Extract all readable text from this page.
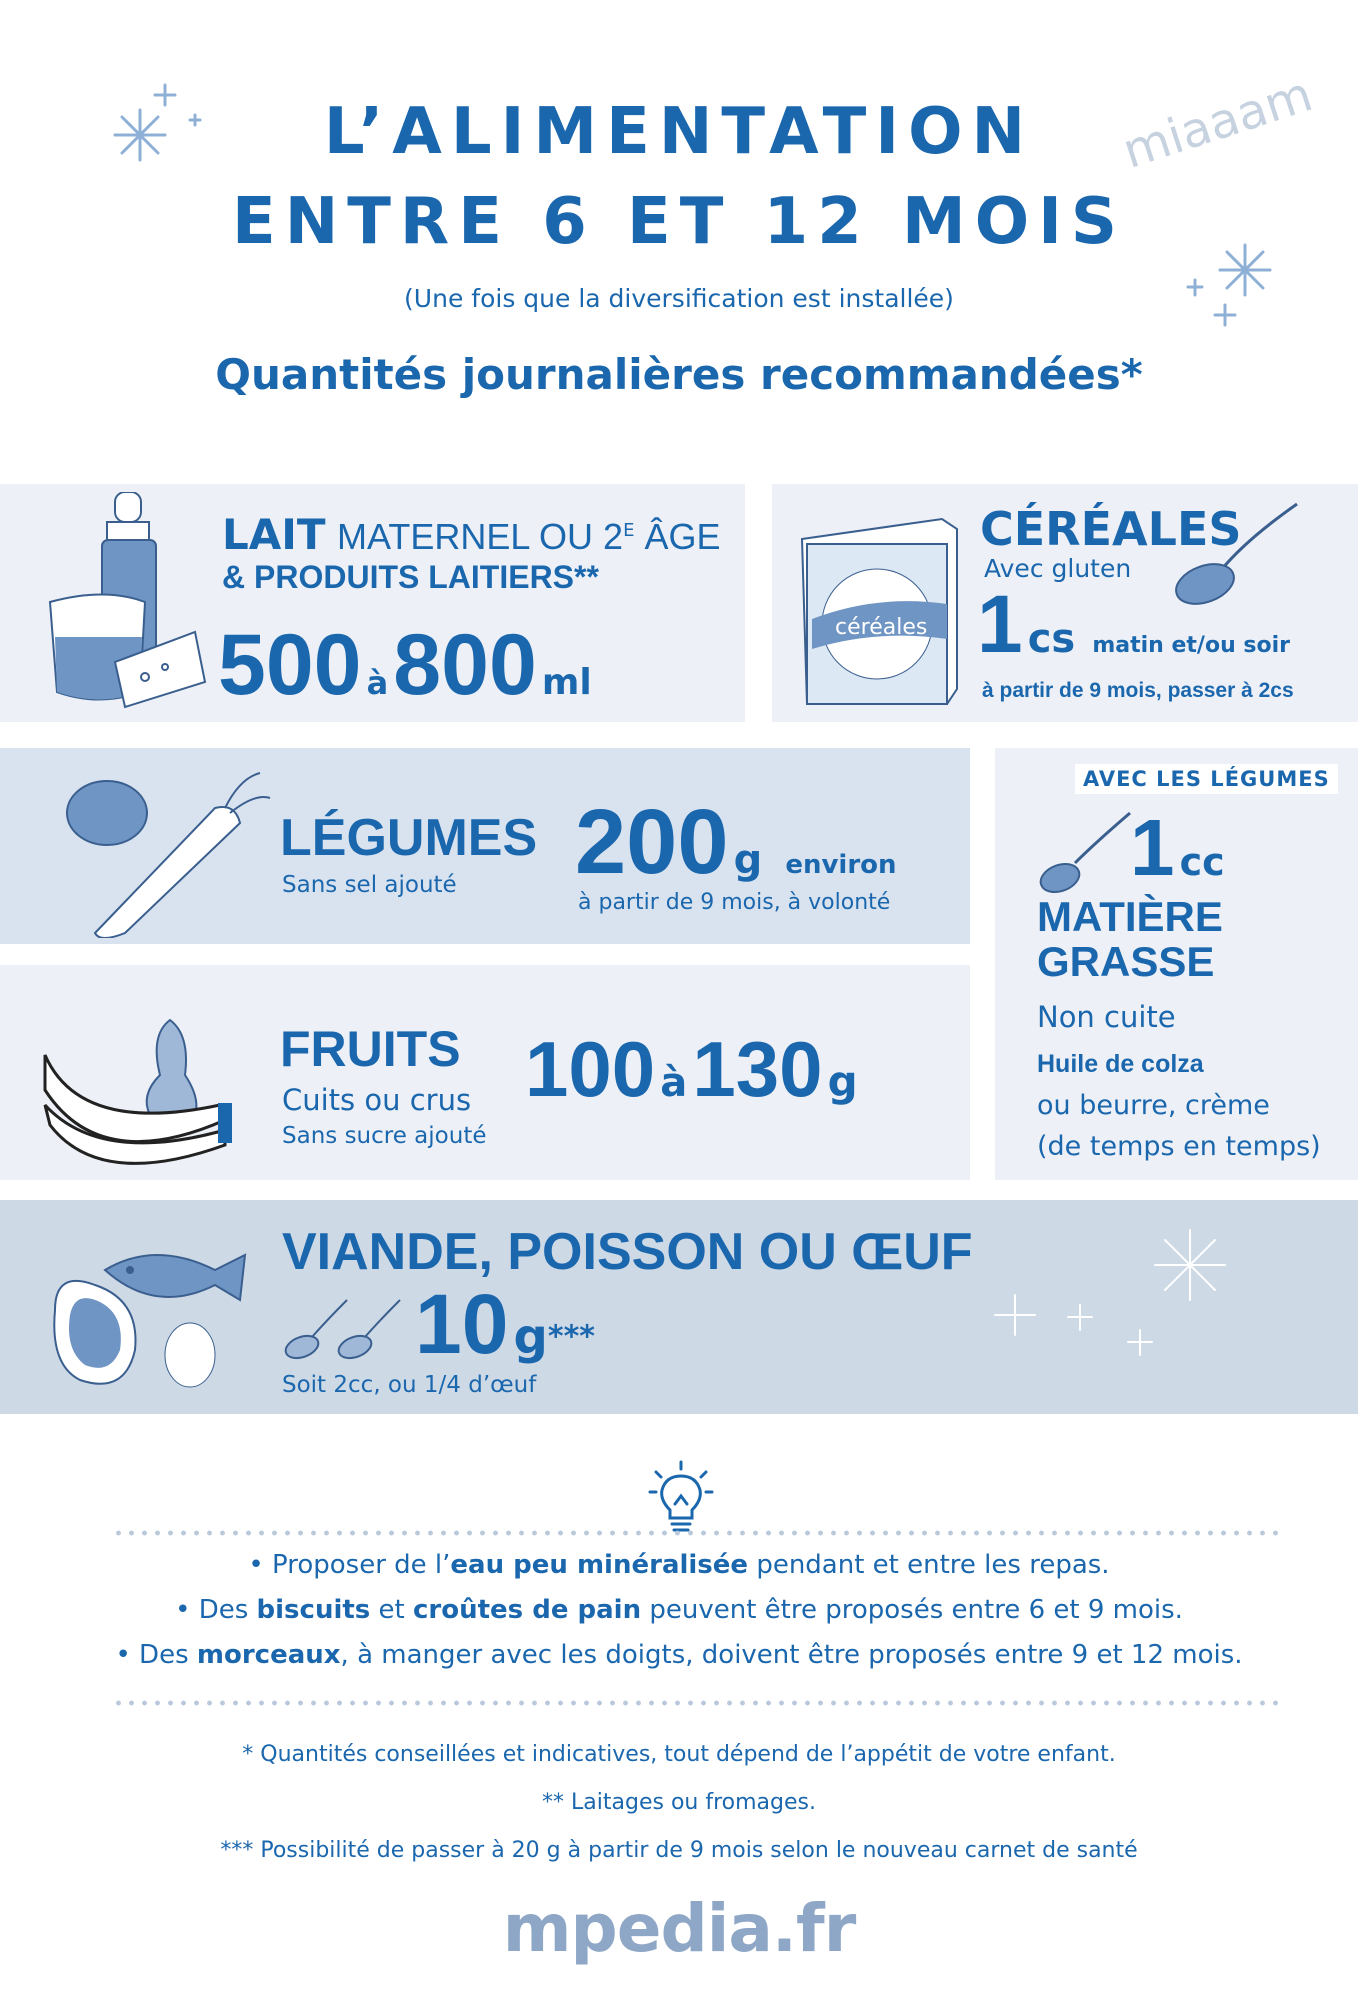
miaaam
L’ALIMENTATION
ENTRE 6 ET 12 MOIS
(Une fois que la diversification est installée)
Quantités journalières recommandées*
LAIT MATERNEL OU $2^E$ ÂGE
& PRODUITS LAITIERS**
500 à 800 ml
céréales
CÉRÉALES
Avec gluten
1 cs matin et/ou soir
à partir de 9 mois, passer à 2cs
LÉGUMES
Sans sel ajouté 200 g environ
à partir de 9 mois, à volonté
AVEC LES LÉGUMES
1 cc
MATIÈRE
GRASSE
Non cuite
Huile de colza
ou beurre, crème
(de temps en temps)
FRUITS
Cuits ou crus
Sans sucre ajouté
100 à 130 g
VIANDE, POISSON OU ŒUF
10 g***
Soit 2cc, ou 1/4 d’œuf
• Proposer de l’eau peu minéralisée pendant et entre les repas.
• Des biscuits et croûtes de pain peuvent être proposés entre 6 et 9 mois.
• Des morceaux, à manger avec les doigts, doivent être proposés entre 9 et 12 mois.
* Quantités conseillées et indicatives, tout dépend de l’appétit de votre enfant.
** Laitages ou fromages.
*** Possibilité de passer à 20 g à partir de 9 mois selon le nouveau carnet de santé
mpedia.fr
